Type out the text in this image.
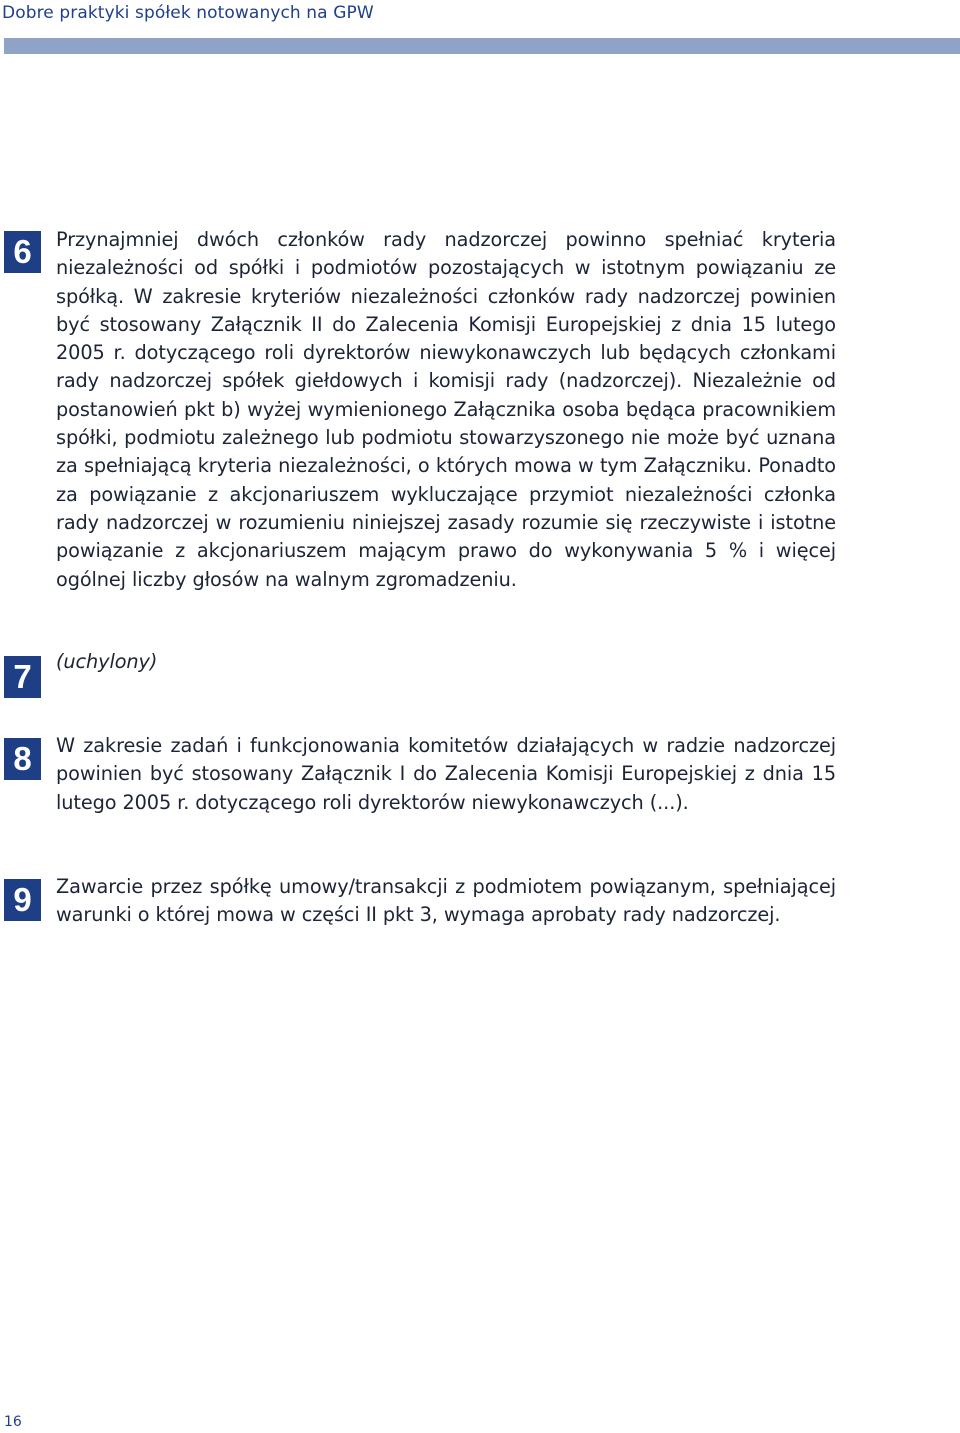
Dobre praktyki spółek notowanych na GPW
6	Przynajmniej dwóch członków rady nadzorczej powinno spełniać kryteria niezależności od spółki i podmiotów pozostających w istotnym powiązaniu ze spółką. W zakresie kryteriów niezależności członków rady nadzorczej powinien być stosowany Załącznik II do Zalecenia Komisji Europejskiej z dnia 15 lutego 2005 r. dotyczącego roli dyrektorów niewykonawczych lub będących członkami rady nadzorczej spółek giełdowych i komisji rady (nadzorczej). Niezależnie od postanowień pkt b) wyżej wymienionego Załącznika osoba będąca pracownikiem spółki, podmiotu zależnego lub podmiotu stowarzyszonego nie może być uznana za spełniającą kryteria niezależności, o których mowa w tym Załączniku. Ponadto za powiązanie z akcjonariuszem wykluczające przymiot niezależności członka rady nadzorczej w rozumieniu niniejszej zasady rozumie się rzeczywiste i istotne powiązanie z akcjonariuszem mającym prawo do wykonywania 5 % i więcej ogólnej liczby głosów na walnym zgromadzeniu.

7	(uchylony)

8	W zakresie zadań i funkcjonowania komitetów działających w radzie nadzorczej powinien być stosowany Załącznik I do Zalecenia Komisji Europejskiej z dnia 15 lutego 2005 r. dotyczącego roli dyrektorów niewykonawczych (...).

9	Zawarcie przez spółkę umowy/transakcji z podmiotem powiązanym, spełniającej warunki o której mowa w części II pkt 3, wymaga aprobaty rady nadzorczej.

16
